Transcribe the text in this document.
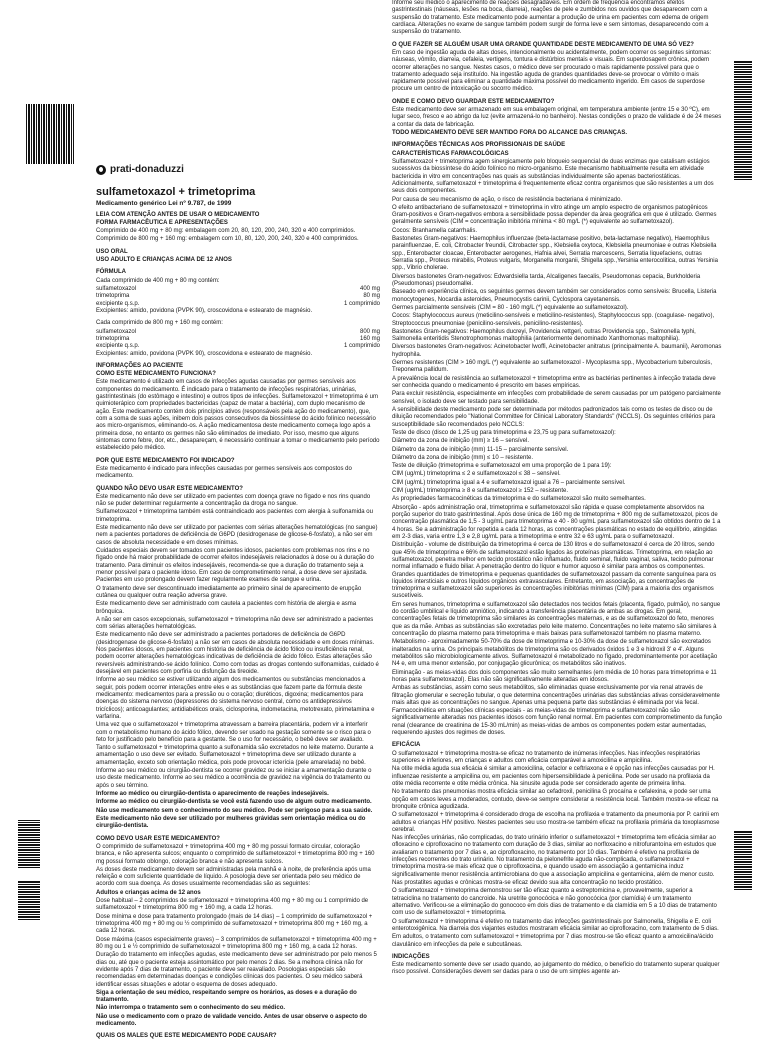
prati-donaduzzi
sulfametoxazol + trimetoprima
Medicamento genérico Lei nº 9.787, de 1999

LEIA COM ATENÇÃO ANTES DE USAR O MEDICAMENTO

FORMA FARMACÊUTICA E APRESENTAÇÕES

Comprimido de 400 mg + 80 mg: embalagem com 20, 80, 120, 200, 240, 320 e 400 comprimidos.

Comprimido de 800 mg + 160 mg: embalagem com 10, 80, 120, 200, 240, 320 e 400 comprimidos.

USO ORAL

USO ADULTO E CRIANÇAS ACIMA DE 12 ANOS

FÓRMULA

Cada comprimido de 400 mg + 80 mg contém:

sulfametoxazol	400 mg
trimetoprima	80 mg
excipiente q.s.p.	1 comprimido

Excipientes: amido, povidona (PVPK 90), croscovidona e estearato de magnésio.

Cada comprimido de 800 mg + 160 mg contém:

sulfametoxazol	800 mg
trimetoprima	160 mg
excipiente q.s.p.	1 comprimido

Excipientes: amido, povidona (PVPK 90), croscovidona e estearato de magnésio.

INFORMAÇÕES AO PACIENTE

COMO ESTE MEDICAMENTO FUNCIONA?

Este medicamento é utilizado em casos de infecções agudas causadas por germes sensíveis aos componentes do medicamento. É indicado para o tratamento de infecções respiratórias, urinárias, gastrintestinais (do estômago e intestino) e outros tipos de infecções. Sulfametoxazol + trimetoprima é um quimioterápico com propriedades bactericidas (capaz de matar a bactéria), com duplo mecanismo de ação. Este medicamento contém dois princípios ativos (responsáveis pela ação do medicamento), que, com a soma de suas ações, inibem dois passos consecutivos da biossíntese do ácido folínico necessário aos micro-organismos, eliminando-os. A ação medicamentosa deste medicamento começa logo após a primeira dose, no entanto os germes não são eliminados de imediato. Por isso, mesmo que alguns sintomas como febre, dor, etc., desapareçam, é necessário continuar a tomar o medicamento pelo período estabelecido pelo médico.

POR QUE ESTE MEDICAMENTO FOI INDICADO?

Este medicamento é indicado para infecções causadas por germes sensíveis aos compostos do medicamento.

QUANDO NÃO DEVO USAR ESTE MEDICAMENTO?

Este medicamento não deve ser utilizado em pacientes com doença grave no fígado e nos rins quando não se puder determinar regularmente a concentração da droga no sangue.

Sulfametoxazol + trimetoprima também está contraindicado aos pacientes com alergia à sulfonamida ou trimetoprima.

Este medicamento não deve ser utilizado por pacientes com sérias alterações hematológicas (no sangue) nem a pacientes portadores de deficiência de G6PD (desidrogenase de glicose-6-fosfato), a não ser em casos de absoluta necessidade e em doses mínimas.

Cuidados especiais devem ser tomados com pacientes idosos, pacientes com problemas nos rins e no fígado onde há maior probabilidade de ocorrer efeitos indesejáveis relacionados à dose ou à duração do tratamento. Para diminuir os efeitos indesejáveis, recomenda-se que a duração do tratamento seja a menor possível para o paciente idoso. Em caso de comprometimento renal, a dose deve ser ajustada. Pacientes em uso prolongado devem fazer regularmente exames de sangue e urina.

O tratamento deve ser descontinuado imediatamente ao primeiro sinal de aparecimento de erupção cutânea ou qualquer outra reação adversa grave.

Este medicamento deve ser administrado com cautela a pacientes com história de alergia e asma brônquica.

A não ser em casos excepcionais, sulfametoxazol + trimetoprima não deve ser administrado a pacientes com sérias alterações hematológicas.

Este medicamento não deve ser administrado a pacientes portadores de deficiência de G6PD (desidrogenase de glicose-6-fosfato) a não ser em casos de absoluta necessidade e em doses mínimas. Nos pacientes idosos, em pacientes com história de deficiência de ácido fólico ou insuficiência renal, podem ocorrer alterações hematológicas indicativas de deficiência de ácido fólico. Estas alterações são reversíveis administrando-se ácido folínico. Como com todas as drogas contendo sulfonamidas, cuidado é desejável em pacientes com porfiria ou disfunção da tireoide.

Informe ao seu médico se estiver utilizando algum dos medicamentos ou substâncias mencionados a seguir, pois podem ocorrer interações entre eles e as substâncias que fazem parte da fórmula deste medicamento: medicamentos para a pressão ou o coração; diuréticos, digoxina; medicamentos para doenças do sistema nervoso (depressores do sistema nervoso central, como os antidepressivos tricíclicos); anticoagulantes; antidiabéticos orais, ciclosporina, indometacina, metotrexato, pirimetamina e varfarina.

Uma vez que o sulfametoxazol + trimetoprima atravessam a barreira placentária, podem vir a interferir com o metabolismo humano do ácido fólico, devendo ser usado na gestação somente se o risco para o feto for justificado pelo benefício para a gestante. Se o uso for necessário, o bebê deve ser avaliado.

Tanto o sulfametoxazol + trimetoprima quanto a sulfonamida são excretados no leite materno. Durante a amamentação o uso deve ser evitado. Sulfametoxazol + trimetoprima deve ser utilizado durante a amamentação, exceto sob orientação médica, pois pode provocar icterícia (pele amarelada) no bebê.

Informe ao seu médico ou cirurgião-dentista se ocorrer gravidez ou se iniciar a amamentação durante o uso deste medicamento. Informe ao seu médico a ocorrência de gravidez na vigência do tratamento ou após o seu término.

Informe ao médico ou cirurgião-dentista o aparecimento de reações indesejáveis.

Informe ao médico ou cirurgião-dentista se você está fazendo uso de algum outro medicamento.

Não use medicamento sem o conhecimento do seu médico. Pode ser perigoso para a sua saúde.

Este medicamento não deve ser utilizado por mulheres grávidas sem orientação médica ou do cirurgião-dentista.

COMO DEVO USAR ESTE MEDICAMENTO?

O comprimido de sulfametoxazol + trimetoprima 400 mg + 80 mg possui formato circular, coloração branca, e não apresenta sulcos; enquanto o comprimido de sulfametoxazol + trimetoprima 800 mg + 160 mg possui formato oblongo, coloração branca e não apresenta sulcos.

As doses deste medicamento devem ser administradas pela manhã e à noite, de preferência após uma refeição e com suficiente quantidade de líquido. A posologia deve ser orientada pelo seu médico de acordo com sua doença. As doses usualmente recomendadas são as seguintes:

Adultos e crianças acima de 12 anos

Dose habitual – 2 comprimidos de sulfametoxazol + trimetoprima 400 mg + 80 mg ou 1 comprimido de sulfametoxazol + trimetoprima 800 mg + 160 mg, a cada 12 horas.

Dose mínima e dose para tratamento prolongado (mais de 14 dias) – 1 comprimido de sulfametoxazol + trimetoprima 400 mg + 80 mg ou ½ comprimido de sulfametoxazol + trimetoprima 800 mg + 160 mg, a cada 12 horas.

Dose máxima (casos especialmente graves) – 3 comprimidos de sulfametoxazol + trimetoprima 400 mg + 80 mg ou 1 e ½ comprimido de sulfametoxazol + trimetoprima 800 mg + 160 mg, a cada 12 horas.

Duração do tratamento em infecções agudas, este medicamento deve ser administrado por pelo menos 5 dias ou, até que o paciente esteja assintomático por pelo menos 2 dias. Se a melhora clínica não for evidente após 7 dias de tratamento, o paciente deve ser reavaliado. Posologias especiais são recomendadas em determinadas doenças e condições clínicas dos pacientes. O seu médico saberá identificar essas situações e adotar o esquema de doses adequado.

Siga a orientação de seu médico, respeitando sempre os horários, as doses e a duração do tratamento.

Não interrompa o tratamento sem o conhecimento do seu médico.

Não use o medicamento com o prazo de validade vencido. Antes de usar observe o aspecto do medicamento.

QUAIS OS MALES QUE ESTE MEDICAMENTO PODE CAUSAR?

Informe seu médico o aparecimento de reações desagradáveis. Em ordem de frequência encontramos efeitos gastrintestinais (náuseas, lesões na boca, diarreia), reações de pele e zumbidos nos ouvidos que desaparecem com a suspensão do tratamento. Este medicamento pode aumentar a produção de urina em pacientes com edema de origem cardíaca. Alterações no exame de sangue também podem surgir de forma leve e sem sintomas, desaparecendo com a suspensão do tratamento.

O QUE FAZER SE ALGUÉM USAR UMA GRANDE QUANTIDADE DESTE MEDICAMENTO DE UMA SÓ VEZ?

Em caso de ingestão aguda de altas doses, intencionalmente ou acidentalmente, podem ocorrer os seguintes sintomas: náuseas, vômito, diarreia, cefaleia, vertigens, tontura e distúrbios mentais e visuais. Em superdosagem crônica, podem ocorrer alterações no sangue. Nestes casos, o médico deve ser procurado o mais rapidamente possível para que o tratamento adequado seja instituído. Na ingestão aguda de grandes quantidades deve-se provocar o vômito o mais rapidamente possível para eliminar a quantidade máxima possível do medicamento ingerido. Em casos de superdose procure um centro de intoxicação ou socorro médico.

ONDE E COMO DEVO GUARDAR ESTE MEDICAMENTO?

Este medicamento deve ser armazenado em sua embalagem original, em temperatura ambiente (entre 15 e 30 ºC), em lugar seco, fresco e ao abrigo da luz (evite armazená-lo no banheiro). Nestas condições o prazo de validade é de 24 meses a contar da data de fabricação.

TODO MEDICAMENTO DEVE SER MANTIDO FORA DO ALCANCE DAS CRIANÇAS.

INFORMAÇÕES TÉCNICAS AOS PROFISSIONAIS DE SAÚDE

CARACTERÍSTICAS FARMACOLÓGICAS

Sulfametoxazol + trimetoprima agem sinergicamente pelo bloqueio sequencial de duas enzimas que catalisam estágios sucessivos da biossíntese do ácido folínico no micro-organismo. Este mecanismo habitualmente resulta em atividade bactericida in vitro em concentrações nas quais as substâncias individualmente são apenas bacteriostáticas. Adicionalmente, sulfametoxazol + trimetoprima é frequentemente eficaz contra organismos que são resistentes a um dos seus dois componentes.

Por causa de seu mecanismo de ação, o risco de resistência bacteriana é minimizado.

O efeito antibacteriano de sulfametoxazol + trimetoprima in vitro atinge um amplo espectro de organismos patogênicos Gram-positivos e Gram-negativos embora a sensibilidade possa depender da área geográfica em que é utilizado. Germes geralmente sensíveis (CIM = concentração inibitória mínima < 80 mg/L (*) equivalente ao sulfametoxazol).

Cocos: Branhamella catarrhalis.

Bastonetes Gram-negativos: Haemophilus influenzae (beta-lactamase positivo, beta-lactamase negativo), Haemophilus parainfluenzae, E. coli, Citrobacter freundii, Citrobacter spp., Klebsiella oxytoca, Klebsiella pneumoniae e outras Klebsiella spp., Enterobacter cloacae, Enterobacter aerogenes, Hafnia alvei, Serratia marcescens, Serratia liquefaciens, outras Serratia spp., Proteus mirabilis, Proteus vulgaris, Morganella morganii, Shigella spp.,Yersinia enterocolitica, outras Yersinia spp., Vibrio cholerae.

Diversos bastonetes Gram-negativos: Edwardsiella tarda, Alcaligenes faecalis, Pseudomonas cepacia, Burkholderia (Pseudomonas) pseudomallei.

Baseado em experiência clínica, os seguintes germes devem também ser considerados como sensíveis: Brucella, Listeria monocytogenes, Nocardia asteroides, Pneumocystis carinii, Cyclospora cayetanensis.

Germes parcialmente sensíveis (CIM = 80 - 160 mg/L (*) equivalente ao sulfametoxazol).

Cocos: Staphylococcus aureus (meticilino-sensíveis e meticilino-resistentes), Staphylococcus spp. (coagulase- negativo), Streptococcus pneumoniae (penicilino-sensíveis, penicilino-resistentes).

Bastonetes Gram-negativos: Haemophilus ducreyi, Providencia rettgeri, outras Providencia spp., Salmonella typhi, Salmonella enteritidis Stenotrophomonas maltophilia (anteriormente denominado Xanthomonas maltophilia).

Diversos bastonetes Gram-negativos: Acinetobacter lwoffi, Acinetobacter anitratus (principalmente A. baumanii), Aeromonas hydrophila.

Germes resistentes (CIM > 160 mg/L (*) equivalente ao sulfametoxazol - Mycoplasma spp., Mycobacterium tuberculosis, Treponema pallidum.

A prevalência local de resistência ao sulfametoxazol + trimetoprima entre as bactérias pertinentes à infecção tratada deve ser conhecida quando o medicamento é prescrito em bases empíricas.

Para excluir resistência, especialmente em infecções com probabilidade de serem causadas por um patógeno parcialmente sensível, o isolado deve ser testado para sensibilidade.

A sensibilidade deste medicamento pode ser determinada por métodos padronizados tais como os testes de disco ou de diluição recomendados pelo "National Committee for Clinical Laboratory Standards" (NCCLS). Os seguintes critérios para susceptibilidade são recomendados pelo NCCLS:

Teste de disco (disco de 1,25 ug para trimetoprima e 23,75 ug para sulfametoxazol):

Diâmetro da zona de inibição (mm) ≥ 16 – sensível.

Diâmetro da zona de inibição (mm) 11-15 – parcialmente sensível.

Diâmetro da zona de inibição (mm) ≤ 10 – resistente.

Teste de diluição (trimetoprima e sulfametoxazol em uma proporção de 1 para 19):

CIM (ug/mL) trimetoprima ≤ 2 e sulfametoxazol ≤ 38 – sensível.

CIM (ug/mL) trimetoprima igual a 4 e sulfametoxazol igual a 76 – parcialmente sensível.

CIM (ug/mL) trimetoprima ≥ 8 e sulfametoxazol ≥ 152 – resistente.

As propriedades farmacocinéticas da trimetoprima e do sulfametoxazol são muito semelhantes.

Absorção - após administração oral, trimetoprima e sulfametoxazol são rápida e quase completamente absorvidos na porção superior do trato gastrintestinal. Após dose única de 160 mg de trimetoprima + 800 mg de sulfametoxazol, picos de concentração plasmática de 1,5 - 3 ug/mL para trimetoprima e 40 - 80 ug/mL para sulfametoxazol são obtidos dentro de 1 a 4 horas. Se a administração for repetida a cada 12 horas, as concentrações plasmáticas no estado de equilíbrio, atingidas em 2-3 dias, varia entre 1,3 e 2,8 ug/mL para a trimetoprima e entre 32 e 63 ug/mL para o sulfametoxazol.

Distribuição - volume de distribuição da trimetoprima é cerca de 130 litros e do sulfametoxazol é cerca de 20 litros, sendo que 45% de trimetoprima e 66% de sulfametoxazol estão ligados às proteínas plasmáticas. Trimetoprima, em relação ao sulfametoxazol, penetra melhor em tecido prostático não inflamado, fluido seminal, fluido vaginal, saliva, tecido pulmonar normal inflamado e fluido biliar. A penetração dentro do líquor e humor aquoso é similar para ambos os componentes. Grandes quantidades de trimetoprima e pequenas quantidades de sulfametoxazol passam da corrente sanguínea para os líquidos intersticiais e outros líquidos orgânicos extravasculares. Entretanto, em associação, as concentrações de trimetoprima e sulfametoxazol são superiores às concentrações inibitórias mínimas (CIM) para a maioria dos organismos suscetíveis.

Em seres humanos, trimetoprima e sulfametoxazol são detectados nos tecidos fetais (placenta, fígado, pulmão), no sangue do cordão umbilical e líquido amniótico, indicando a transferência placentária de ambas as drogas. Em geral, concentrações fetais de trimetoprima são similares às concentrações maternas, e as de sulfametoxazol do feto, menores que as da mãe. Ambas as substâncias são excretadas pelo leite materno. Concentrações no leite materno são similares à concentração do plasma materno para trimetoprima e mais baixas para sulfametoxazol também no plasma materno.

Metabolismo - aproximadamente 50-70% da dose de trimetoprima e 10-30% da dose de sulfametoxazol são excretados inalterados na urina. Os principais metabólitos de trimetoprima são os derivados óxidos 1 e 3 e hidroxil 3' e 4'. Alguns metabólitos são microbiologicamente ativos. Sulfametoxazol é metabolizado no fígado, predominantemente por acetilação N4 e, em uma menor extensão, por conjugação glicurônica; os metabólitos são inativos.

Eliminação - as meias-vidas dos dois componentes são muito semelhantes (em média de 10 horas para trimetoprima e 11 horas para sulfametoxazol). Elas não são significativamente alteradas em idosos.

Ambas as substâncias, assim como seus metabólitos, são eliminadas quase exclusivamente por via renal através de filtração glomerular e secreção tubular, o que determina concentrações urinárias das substâncias ativas consideravelmente mais altas que as concentrações no sangue. Apenas uma pequena parte das substâncias é eliminada por via fecal.

Farmacocinética em situações clínicas especiais - as meias-vidas de trimetoprima e sulfametoxazol não são significativamente alteradas nos pacientes idosos com função renal normal. Em pacientes com comprometimento da função renal (clearance de creatinina de 15-30 mL/min) as meias-vidas de ambos os componentes podem estar aumentadas, requerendo ajustes dos regimes de doses.

EFICÁCIA

O sulfametoxazol + trimetoprima mostra-se eficaz no tratamento de inúmeras infecções. Nas infecções respiratórias superiores e inferiores, em crianças e adultos com eficácia comparável a amoxicilina e ampicilina.

Na otite média aguda sua eficácia é similar a amoxicilina, cefaclor e ceftriaxona e é opção nas infecções causadas por H. influenzae resistente a ampicilina ou, em pacientes com hipersensibilidade à penicilina. Pode ser usado na profilaxia da otite média recorrente e otite média crônica. Na sinusite aguda pode ser considerado agente de primeira linha.

No tratamento das pneumonias mostra eficácia similar ao cefadroxil, penicilina G procaína e cefalexina, e pode ser uma opção em casos leves a moderados, contudo, deve-se sempre considerar a resistência local. Também mostra-se eficaz na bronquite crônica agudizada.

O sulfametoxazol + trimetoprima é considerado droga de escolha na profilaxia e tratamento da pneumonia por P. carinii em adultos e crianças HIV positivo. Nestes pacientes seu uso mostra-se também eficaz na profilaxia primária da toxoplasmose cerebral.

Nas infecções urinárias, não complicadas, do trato urinário inferior o sulfametoxazol + trimetoprima tem eficácia similar ao ofloxacino e ciprofloxacino no tratamento com duração de 3 dias, similar ao norfloxacino e nitrofurantoína em estudos que avaliaram o tratamento por 7 dias e, ao ciprofloxacino, no tratamento por 10 dias. Também é efetivo na profilaxia de infecções recorrentes do trato urinário. No tratamento da pielonefrite aguda não-complicada, o sulfametoxazol + trimetoprima mostra-se mais eficaz que o ciprofloxacina, e quando usado em associação a gentamicina induz significativamente menor resistência antimicrobiana do que a associação ampicilina e gentamicina, além de menor custo.

Nas prostatites agudas e crônicas mostra-se eficaz devido sua alta concentração no tecido prostático.

O sulfametoxazol + trimetoprima demonstrou ser tão eficaz quanto a estreptomicina e, provavelmente, superior a tetraciclina no tratamento do cancroide. Na uretrite gonocócica e não gonocócica (por clamídia) é um tratamento alternativo. Verificou-se a eliminação do gonococo em dois dias de tratamento e da clamídia em 5 a 10 dias de tratamento com uso de sulfametoxazol + trimetoprima.

O sulfametoxazol + trimetoprima é efetivo no tratamento das infecções gastrintestinais por Salmonella, Shigella e E. coli enterotoxigênica. Na diarreia dos viajantes estudos mostraram eficácia similar ao ciprofloxacino, com tratamento de 5 dias.

Em adultos, o tratamento com sulfametoxazol + trimetoprima por 7 dias mostrou-se tão eficaz quanto a amoxicilina/ácido clavulânico em infecções da pele e subcutâneas.

INDICAÇÕES

Este medicamento somente deve ser usado quando, ao julgamento do médico, o benefício do tratamento superar qualquer risco possível. Considerações devem ser dadas para o uso de um simples agente an-
